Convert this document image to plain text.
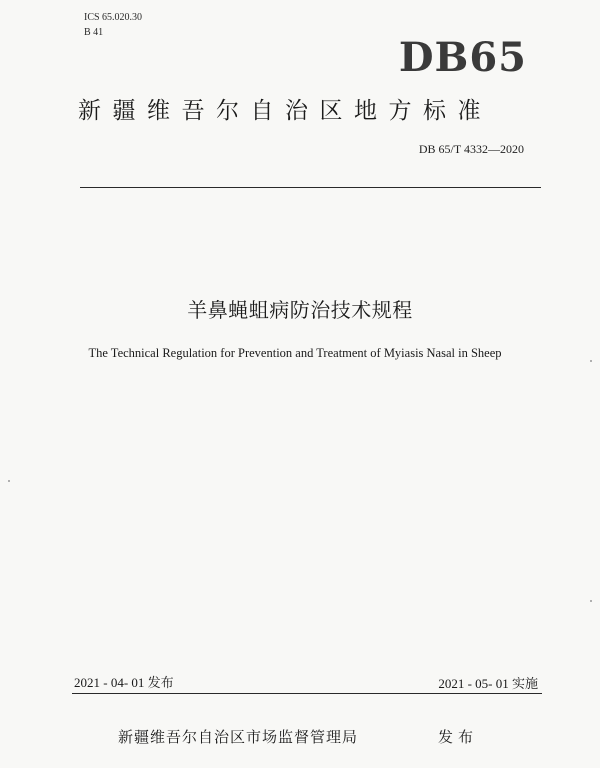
ICS 65.020.30
B 41
DB65
新疆维吾尔自治区地方标准
DB 65/T 4332—2020
羊鼻蝇蛆病防治技术规程
The Technical Regulation for Prevention and Treatment of Myiasis Nasal in Sheep
2021 - 04- 01 发布	2021 - 05- 01 实施
新疆维吾尔自治区市场监督管理局	发布
